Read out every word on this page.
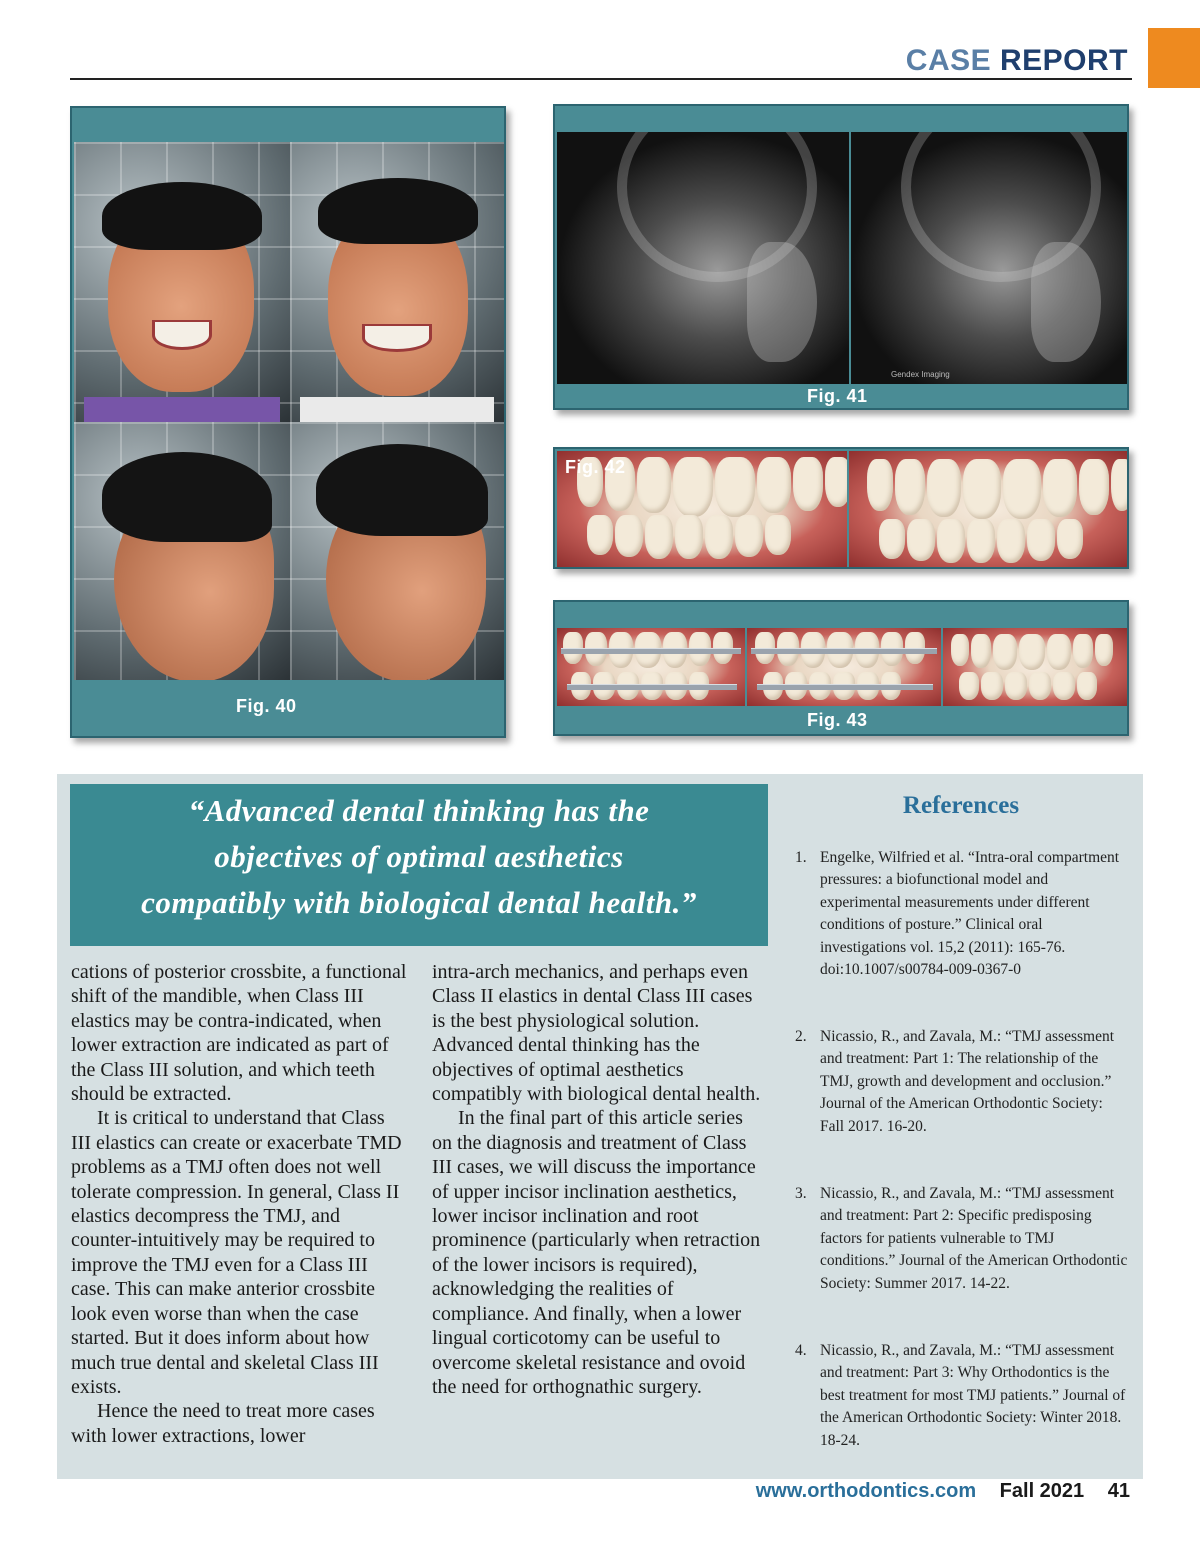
CASE REPORT
Fig. 40
Gendex Imaging
Fig. 41
Fig. 42
Fig. 43
“Advanced dental thinking has the
objectives of optimal aesthetics
compatibly with biological dental health.”

cations of posterior crossbite, a functional shift of the mandible, when Class III elastics may be contra-indicated, when lower extraction are indicated as part of the Class III solution, and which teeth should be extracted.

It is critical to understand that Class III elastics can create or exacerbate TMD problems as a TMJ often does not well tolerate compression. In general, Class II elastics decompress the TMJ, and counter-intuitively may be required to improve the TMJ even for a Class III case. This can make anterior crossbite look even worse than when the case started. But it does inform about how much true dental and skeletal Class III exists.

Hence the need to treat more cases with lower extractions, lower

intra-arch mechanics, and perhaps even Class II elastics in dental Class III cases is the best physiological solution. Advanced dental thinking has the objectives of optimal aesthetics compatibly with biological dental health.

In the final part of this article series on the diagnosis and treatment of Class III cases, we will discuss the importance of upper incisor inclination aesthetics, lower incisor inclination and root prominence (particularly when retraction of the lower incisors is required), acknowledging the realities of compliance. And finally, when a lower lingual corticotomy can be useful to overcome skeletal resistance and ovoid the need for orthognathic surgery.

References
1. Engelke, Wilfried et al. “Intra-oral compartment pressures: a biofunctional model and experimental measurements under different conditions of posture.” Clinical oral investigations vol. 15,2 (2011): 165-76. doi:10.1007/s00784-009-0367-0
2. Nicassio, R., and Zavala, M.: “TMJ assessment and treatment: Part 1: The relationship of the TMJ, growth and development and occlusion.” Journal of the American Orthodontic Society: Fall 2017. 16-20.
3. Nicassio, R., and Zavala, M.: “TMJ assessment and treatment: Part 2: Specific predisposing factors for patients vulnerable to TMJ conditions.” Journal of the American Orthodontic Society: Summer 2017. 14-22.
4. Nicassio, R., and Zavala, M.: “TMJ assessment and treatment: Part 3: Why Orthodontics is the best treatment for most TMJ patients.” Journal of the American Orthodontic Society: Winter 2018. 18-24.
www.orthodontics.com Fall 2021 41
